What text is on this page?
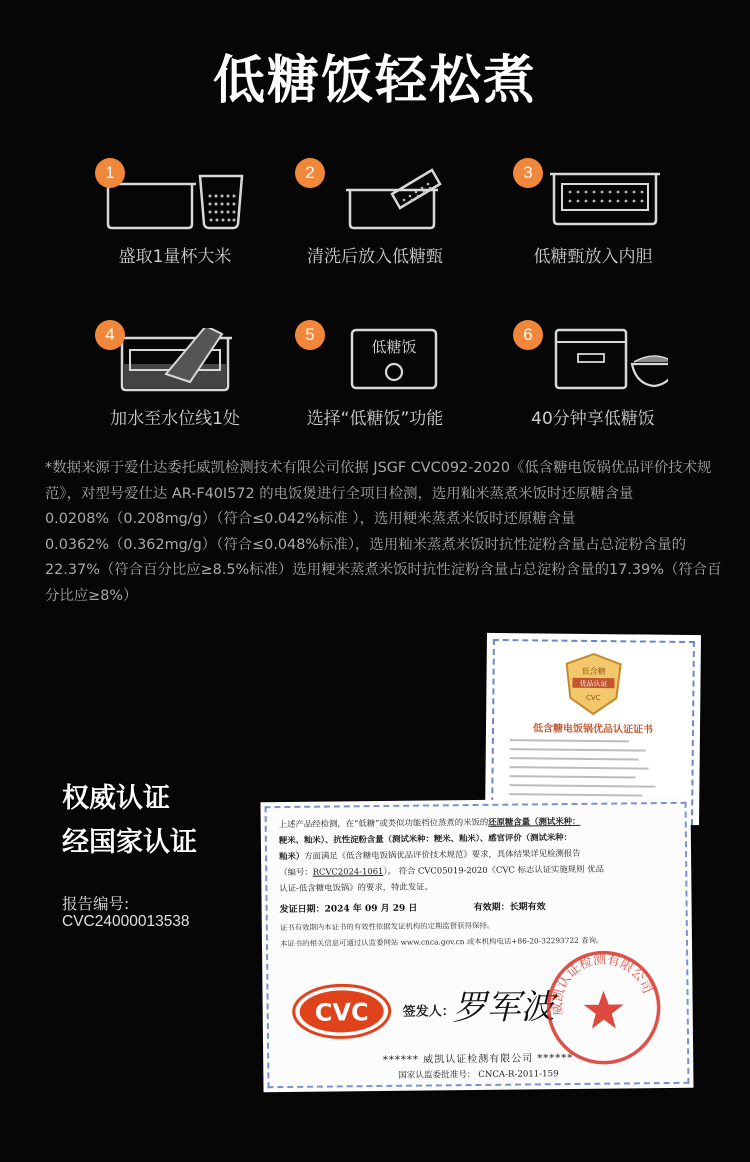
低糖饭轻松煮
1
盛取1量杯大米
2
清洗后放入低糖甄
3
低糖甄放入内胆
4
加水至水位线1处
低糖饭
5
选择“低糖饭”功能
6
40分钟享低糖饭
*数据来源于爱仕达委托威凯检测技术有限公司依据 JSGF CVC092-2020《低含糖电饭锅优品评价技术规范》，对型号爱仕达 AR-F40I572 的电饭煲进行全项目检测，选用籼米蒸煮米饭时还原糖含量 0.0208%（0.208mg/g）（符合≤0.042%标准 ），选用粳米蒸煮米饭时还原糖含量0.0362%（0.362mg/g）（符合≤0.048%标准），选用籼米蒸煮米饭时抗性淀粉含量占总淀粉含量的22.37%（符合百分比应≥8.5%标准）选用粳米蒸煮米饭时抗性淀粉含量占总淀粉含量的17.39%（符合百分比应≥8%）
权威认证
经国家认证
报告编号:
CVC24000013538
低含糖
优品认证
CVC
低含糖电饭锅优品认证证书
上述产品经检测，在“低糖”或类似功能档位蒸煮的米饭的还原糖含量（测试米种：
粳米、籼米）、抗性淀粉含量（测试米种：粳米、籼米）、感官评价（测试米种：
籼米）方面满足《低含糖电饭锅优品评价技术规范》要求，具体结果详见检测报告
（编号：RCVC2024-1061）。 符合 CVC05019-2020《CVC 标志认证实施规则 优品
认证-低含糖电饭锅》的要求，特此发证。
发证日期：2024 年 09 月 29 日	有效期：长期有效
证书有效期内本证书的有效性依据发证机构的定期监督获得保持。
本证书的相关信息可通过认监委网站 www.cnca.gov.cn 或本机构电话+86-20-32293722 查询。
CVC	签发人：
罗军波
威凯认证检测有限公司
****** 威凯认证检测有限公司 ******
国家认监委批准号： CNCA-R-2011-159
